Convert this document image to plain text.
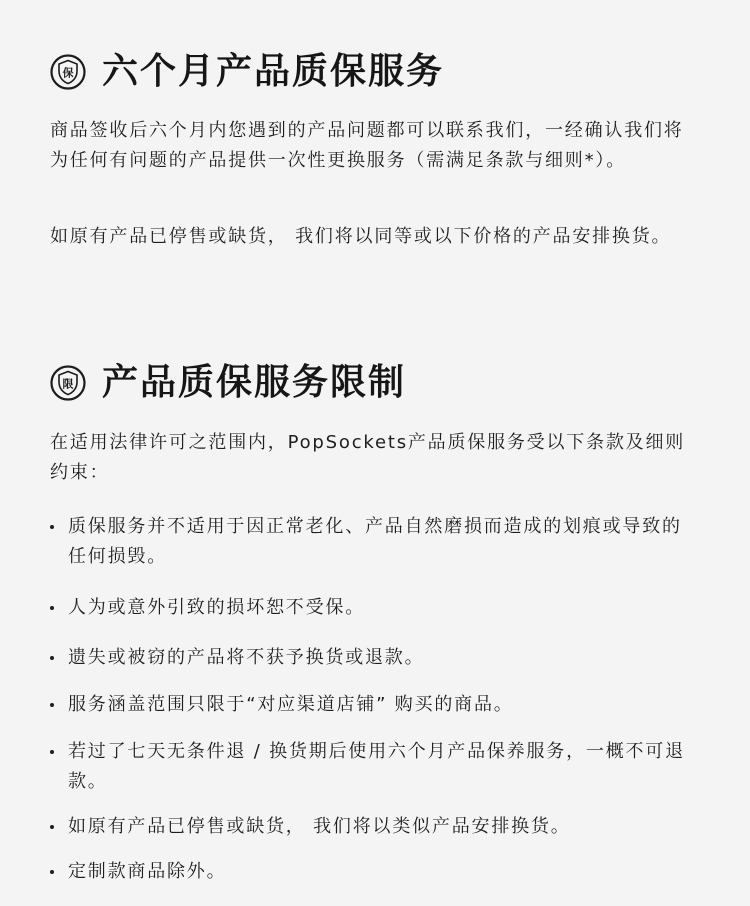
保 六个月产品质保服务

商品签收后六个月内您遇到的产品问题都可以联系我们，一经确认我们将为任何有问题的产品提供一次性更换服务（需满足条款与细则*）。

如原有产品已停售或缺货， 我们将以同等或以下价格的产品安排换货。

限 产品质保服务限制

在适用法律许可之范围内，PopSockets产品质保服务受以下条款及细则约束：

质保服务并不适用于因正常老化、产品自然磨损而造成的划痕或导致的任何损毁。
人为或意外引致的损坏恕不受保。
遗失或被窃的产品将不获予换货或退款。
服务涵盖范围只限于“对应渠道店铺” 购买的商品。
若过了七天无条件退 / 换货期后使用六个月产品保养服务，一概不可退款。
如原有产品已停售或缺货， 我们将以类似产品安排换货。
定制款商品除外。
